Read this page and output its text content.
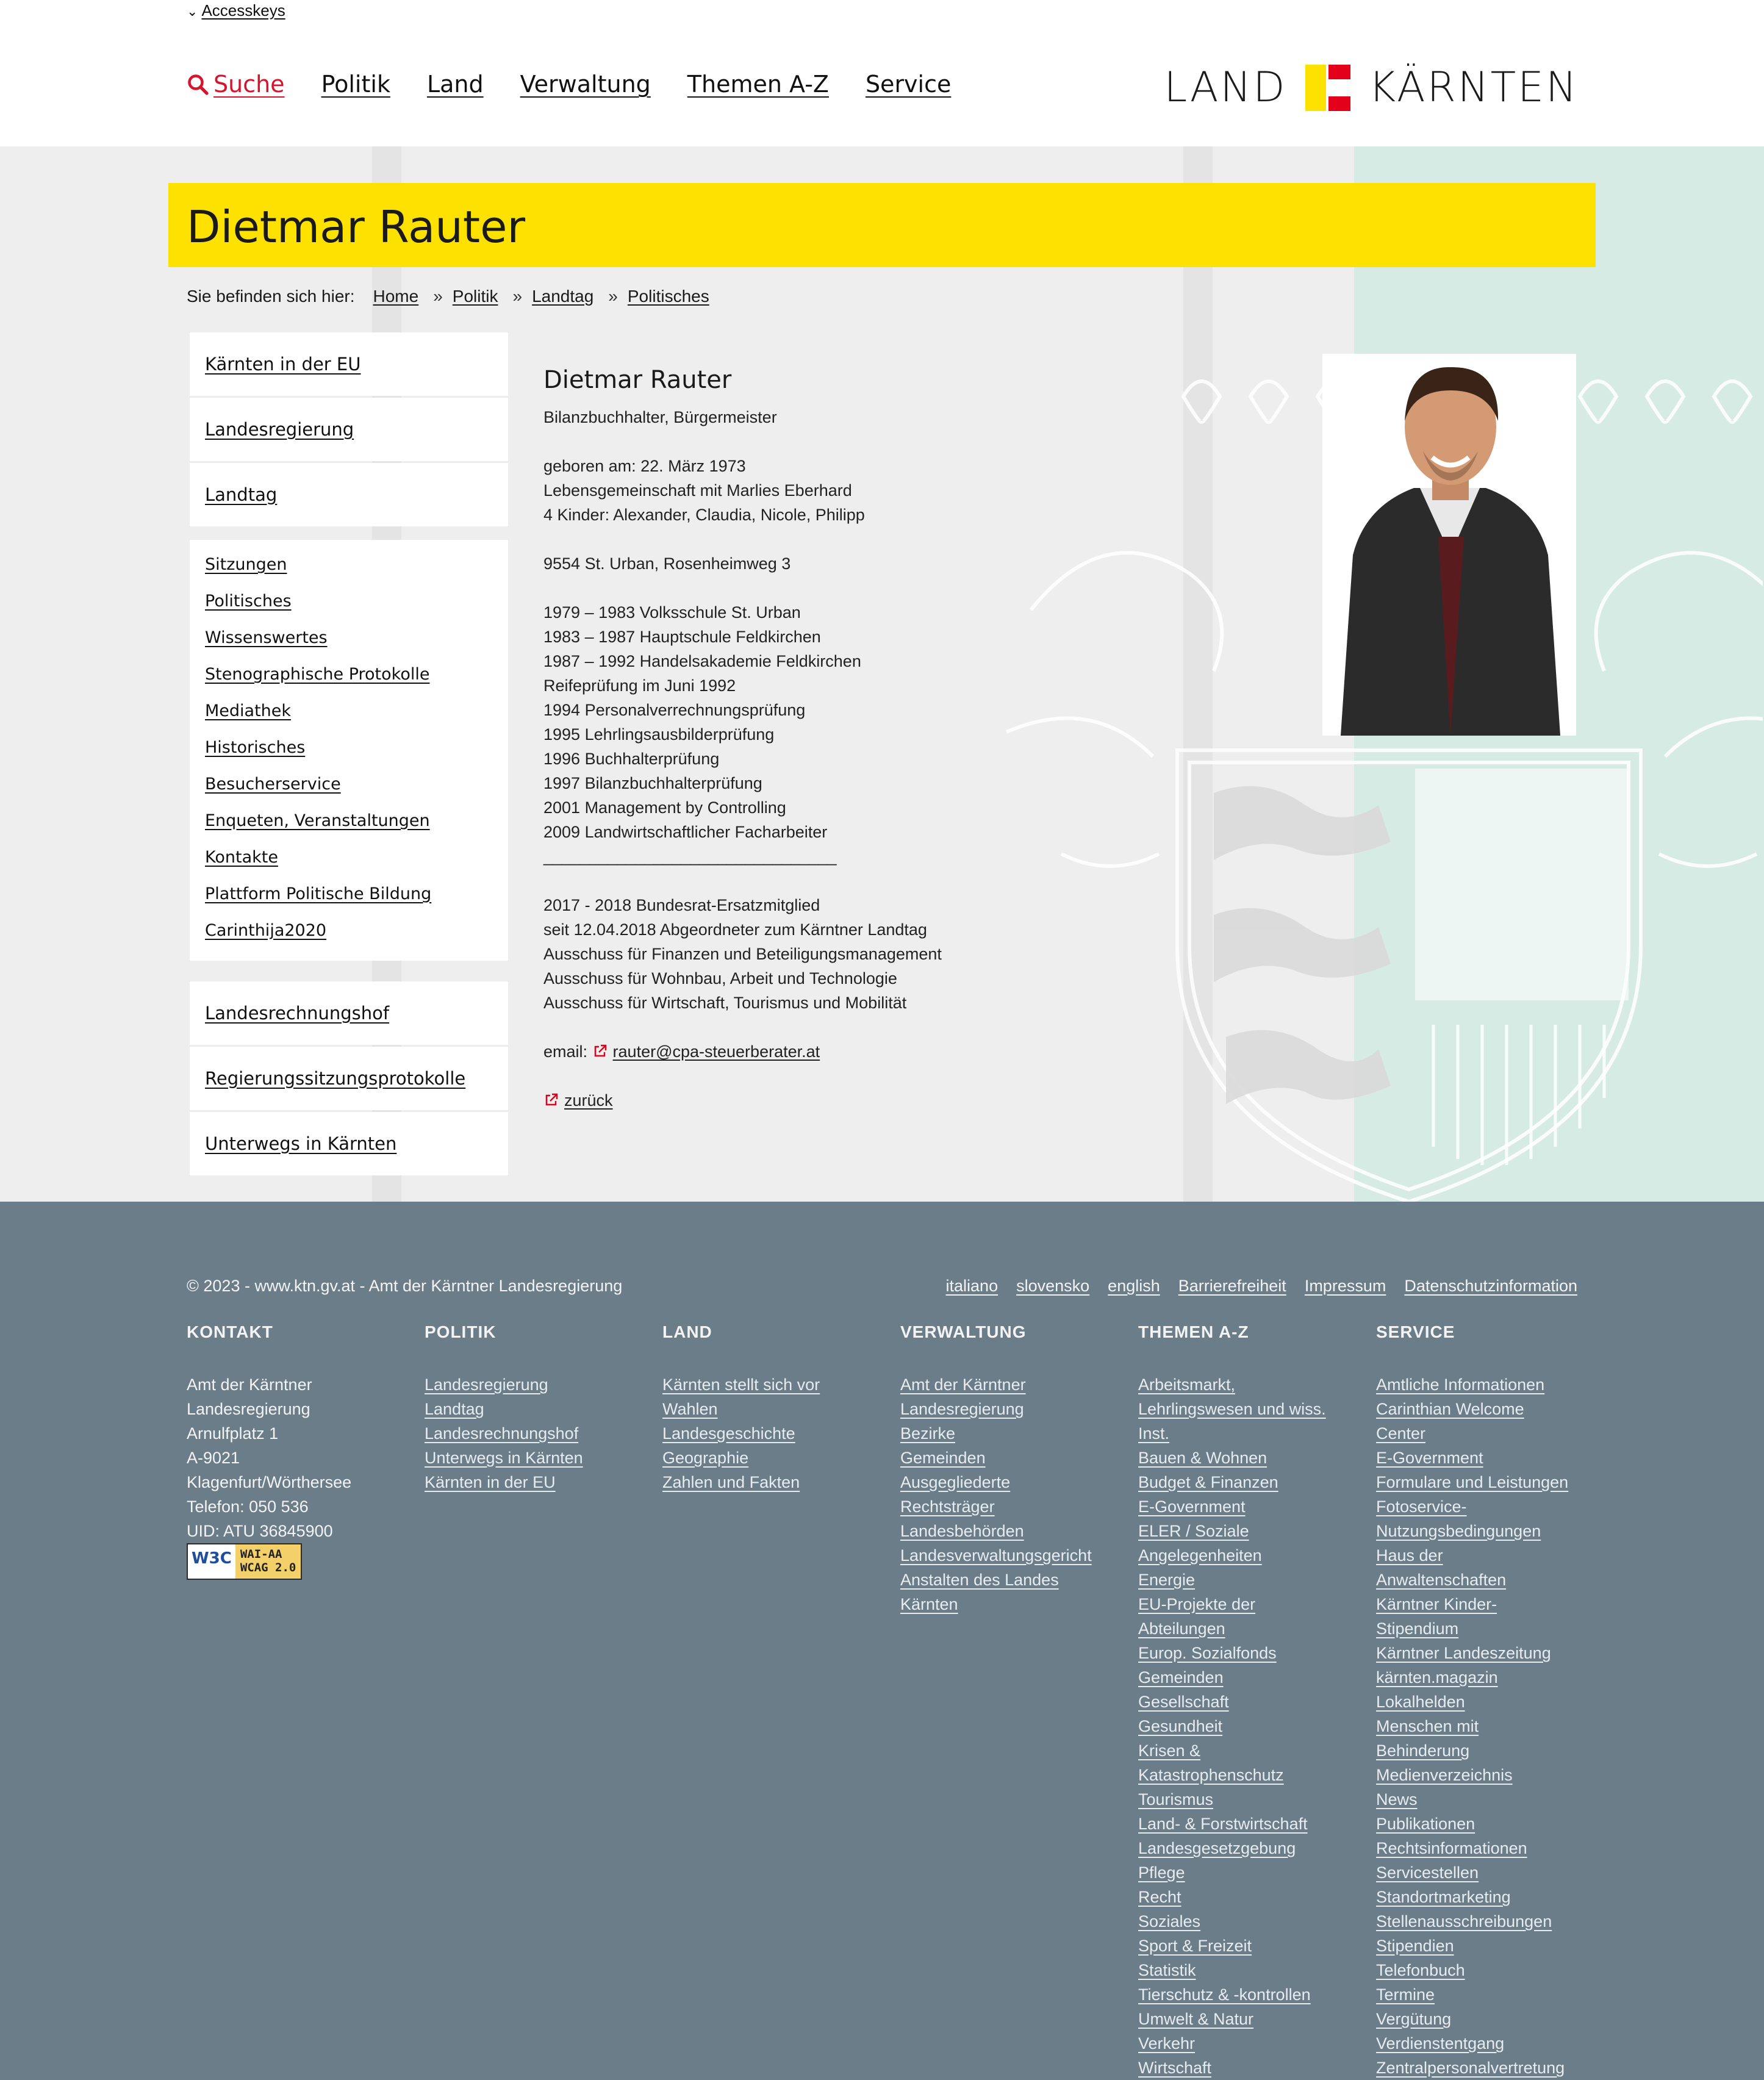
⌄ Accesskeys
Suche Politik Land Verwaltung Themen A-Z Service	LAND KÄRNTEN
Dietmar Rauter
Sie befinden sich hier: Home » Politik » Landtag » Politisches
Kärnten in der EU
Landesregierung
Landtag
Sitzungen
Politisches
Wissenswertes
Stenographische Protokolle
Mediathek
Historisches
Besucherservice
Enqueten, Veranstaltungen
Kontakte
Plattform Politische Bildung
Carinthija2020
Landesrechnungshof
Regierungssitzungsprotokolle
Unterwegs in Kärnten
Dietmar Rauter
Bilanzbuchhalter, Bürgermeister
geboren am: 22. März 1973
Lebensgemeinschaft mit Marlies Eberhard
4 Kinder: Alexander, Claudia, Nicole, Philipp
9554 St. Urban, Rosenheimweg 3
1979 – 1983 Volksschule St. Urban
1983 – 1987 Hauptschule Feldkirchen
1987 – 1992 Handelsakademie Feldkirchen
Reifeprüfung im Juni 1992
1994 Personalverrechnungsprüfung
1995 Lehrlingsausbilderprüfung
1996 Buchhalterprüfung
1997 Bilanzbuchhalterprüfung
2001 Management by Controlling
2009 Landwirtschaftlicher Facharbeiter
________________________________
2017 - 2018 Bundesrat-Ersatzmitglied
seit 12.04.2018 Abgeordneter zum Kärntner Landtag
Ausschuss für Finanzen und Beteiligungsmanagement
Ausschuss für Wohnbau, Arbeit und Technologie
Ausschuss für Wirtschaft, Tourismus und Mobilität
email: rauter@cpa-steuerberater.at
zurück
© 2023 - www.ktn.gv.at - Amt der Kärntner Landesregierung	italiano slovensko english Barrierefreiheit Impressum Datenschutzinformation
KONTAKT
Amt der Kärntner
Landesregierung
Arnulfplatz 1
A-9021
Klagenfurt/Wörthersee
Telefon: 050 536
UID: ATU 36845900
W3C WAI-AA
WCAG 2.0
POLITIK
Landesregierung
Landtag
Landesrechnungshof
Unterwegs in Kärnten
Kärnten in der EU
LAND
Kärnten stellt sich vor
Wahlen
Landesgeschichte
Geographie
Zahlen und Fakten
VERWALTUNG
Amt der Kärntner
Landesregierung
Bezirke
Gemeinden
Ausgegliederte
Rechtsträger
Landesbehörden
Landesverwaltungsgericht
Anstalten des Landes
Kärnten
THEMEN A-Z
Arbeitsmarkt,
Lehrlingswesen und wiss.
Inst.
Bauen & Wohnen
Budget & Finanzen
E-Government
ELER / Soziale
Angelegenheiten
Energie
EU-Projekte der
Abteilungen
Europ. Sozialfonds
Gemeinden
Gesellschaft
Gesundheit
Krisen &
Katastrophenschutz
Tourismus
Land- & Forstwirtschaft
Landesgesetzgebung
Pflege
Recht
Soziales
Sport & Freizeit
Statistik
Tierschutz & -kontrollen
Umwelt & Natur
Verkehr
Wirtschaft
SERVICE
Amtliche Informationen
Carinthian Welcome
Center
E-Government
Formulare und Leistungen
Fotoservice-
Nutzungsbedingungen
Haus der
Anwaltenschaften
Kärntner Kinder-
Stipendium
Kärntner Landeszeitung
kärnten.magazin
Lokalhelden
Menschen mit
Behinderung
Medienverzeichnis
News
Publikationen
Rechtsinformationen
Servicestellen
Standortmarketing
Stellenausschreibungen
Stipendien
Telefonbuch
Termine
Vergütung
Verdienstentgang
Zentralpersonalvertretung
